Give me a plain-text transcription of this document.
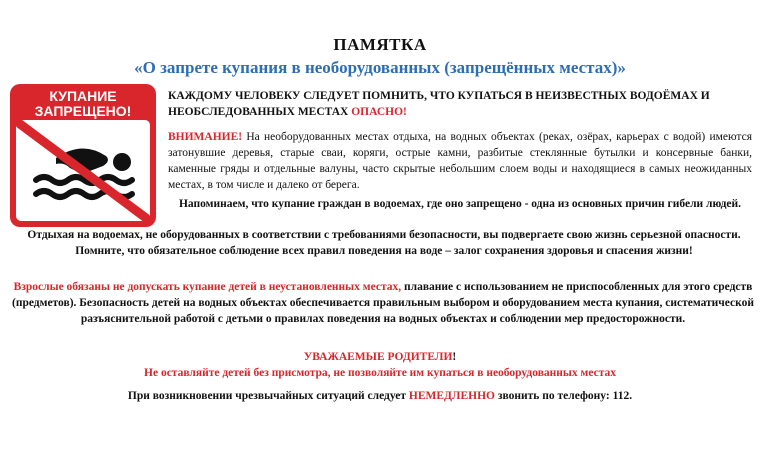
ПАМЯТКА
«О запрете купания в необорудованных (запрещённых местах)»
КУПАНИЕ
ЗАПРЕЩЕНО!
КАЖДОМУ ЧЕЛОВЕКУ СЛЕДУЕТ ПОМНИТЬ, ЧТО КУПАТЬСЯ В НЕИЗВЕСТНЫХ ВОДОЁМАХ И НЕОБСЛЕДОВАННЫХ МЕСТАХ ОПАСНО!
ВНИМАНИЕ! На необорудованных местах отдыха, на водных объектах (реках, озёрах, карьерах с водой) имеются затонувшие деревья, старые сваи, коряги, острые камни, разбитые стеклянные бутылки и консервные банки, каменные гряды и отдельные валуны, часто скрытые небольшим слоем воды и находящиеся в самых неожиданных местах, в том числе и далеко от берега.
Напоминаем, что купание граждан в водоемах, где оно запрещено - одна из основных причин гибели людей.
Отдыхая на водоемах, не оборудованных в соответствии с требованиями безопасности, вы подвергаете свою жизнь серьезной опасности. Помните, что обязательное соблюдение всех правил поведения на воде – залог сохранения здоровья и спасения жизни!
Взрослые обязаны не допускать купание детей в неустановленных местах, плавание с использованием не приспособленных для этого средств (предметов). Безопасность детей на водных объектах обеспечивается правильным выбором и оборудованием места купания, систематической разъяснительной работой с детьми о правилах поведения на водных объектах и соблюдении мер предосторожности.
УВАЖАЕМЫЕ РОДИТЕЛИ!
Не оставляйте детей без присмотра, не позволяйте им купаться в необорудованных местах
При возникновении чрезвычайных ситуаций следует НЕМЕДЛЕННО звонить по телефону: 112.
